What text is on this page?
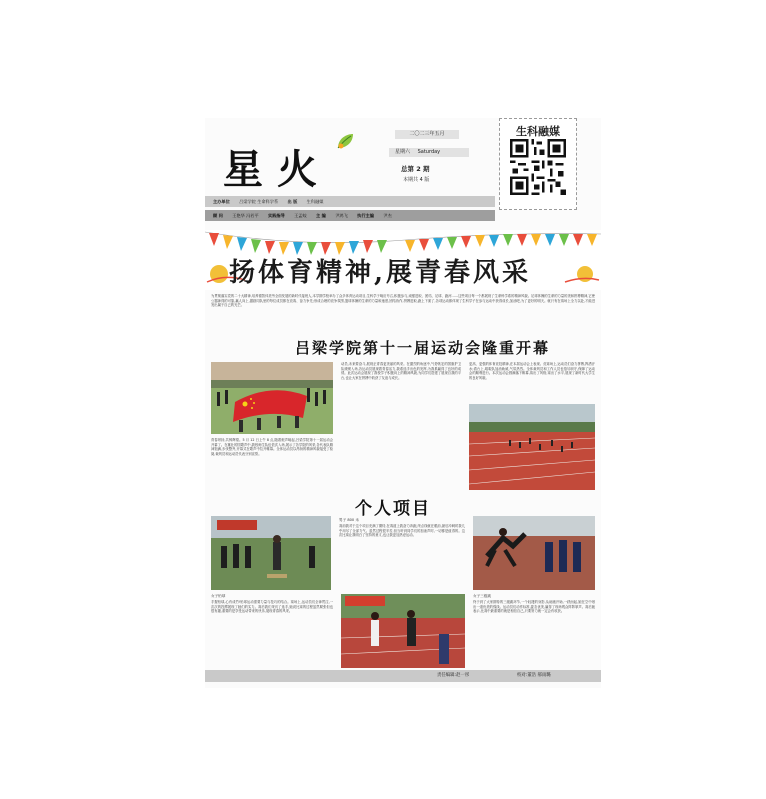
星火
二〇二三年五月
星期六 Saturday
总第 2 期
本期共 4 版
生科融媒
主办单位 吕梁学院 生命科学系 出 版 生科融媒
顾 问 王艳华 冯若平 实践指导 王孟蛟 主 编 尹鸿飞 执行主编 尹杰
扬体育精神,展青春风采
为贯彻落实党的二十大精神,培养德智体美劳全面发展的新时代接班人,本学期学校举办了众多体育运动项目,生科学子响应号召,积极参与,顽强进取、团结、足球、跑河……这些项目每一个都展现了生命科学系的精神风貌。足球体操的生命的力量的美和拼搏精神,它使公器神得的可靠,赢人向上,激励同队里的每位成员都在竞赛、奋力争先;形成合理的竞争氛围,篮球体操的生命的力量和速度,团结协作,拼搏进取,跑上下面了,各项运动都体现了生科学子在参与运动中获得成长,加油吧,为了更好的明天。就只有在赛场上全力以赴,才能迸发出属于自己的光芒。
吕梁学院第十一届运动会隆重开幕
青春昂扬,共铸辉煌。5 月 12 日上午 8 点,随着炮声响起,吕梁学院第十一届运动会开幕了。在雄壮的国歌声中,我校师生队伍依次入场,展示了各学院的风采,各代表队精神饱满,步伐整齐,开幕式在歌声中拉开帷幕。全体运动员以昂扬的精神风貌接受了检阅,裁判员和运动员代表分别宣誓。
动员,未来要奋斗,展现正青春更美丽的风采。在激烈的角逐中,气势恢宏的国旗护卫队缓缓入场,各运动员展现着青春活力,我系选手出色的发挥,为我系赢得了良好的成绩。此次运动会展现了我校学子积极向上的精神风貌,为同学们搭建了展现自我的平台,也让大家在拼搏中收获了友谊与成长。
更高、更强的体育竞技精神,在本届运动会上表现。竞赛场上,运动员们奋力拼搏,挥洒汗水;看台上,啦啦队加油助威,气氛热烈。全体裁判员和工作人员也恪尽职守,保障了运动会的顺利进行。本次运动会圆满落下帷幕,赛出了风格,赛出了水平,展现了新时代大学生的良好风貌。
个人项目
男子 800 米
赛前我对于这个项目充满了期待,在赛道上我奋力奔跑,终点线就在眼前,最后冲刺时我几乎用尽了全部力气。虽然过程很辛苦,但当听到同学们的加油声时,一切都是值得的。这次比赛让我明白了坚持的意义,也让我更加热爱运动。
女子铅球
手握铅球,心有成竹!铅球运动需要力量与技巧的结合。赛场上,运动员们全神贯注,一次次的投掷展现了她们的实力。赛后我们采访了选手,她说比赛的过程虽然紧张但也很有趣,重要的是享受运动带来的快乐,展现青春的风采。
女子三级跳
终于到了大家期待的三级跳环节,一个轻捷的身影,从助跑开始,一跃而起,她在空中划出一道优美的弧线。运动员们动作标准,姿态优美,赢得了现场观众阵阵掌声。赛后她表示,比赛中最重要的就是相信自己,只要努力就一定会有收获。
责任编辑:赵一彤	校对:董浩 郝雨璐
